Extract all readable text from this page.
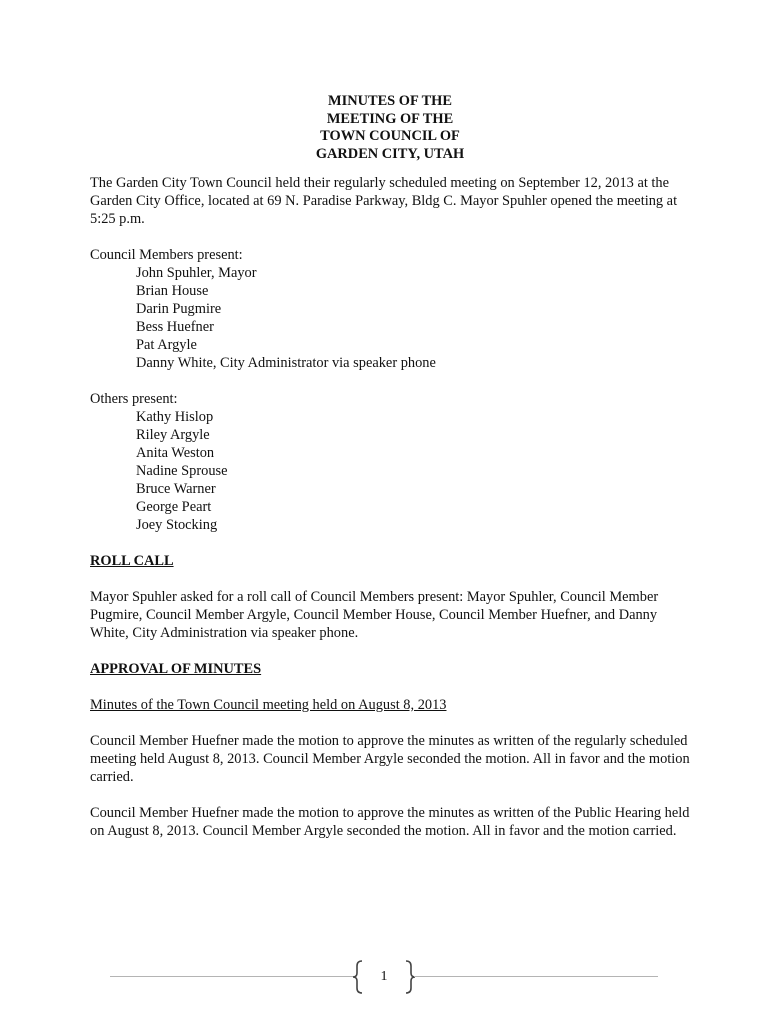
MINUTES OF THE
MEETING OF THE
TOWN COUNCIL OF
GARDEN CITY, UTAH

The Garden City Town Council held their regularly scheduled meeting on September 12, 2013 at the Garden City Office, located at 69 N. Paradise Parkway, Bldg C. Mayor Spuhler opened the meeting at 5:25 p.m.

Council Members present:

John Spuhler, Mayor
Brian House
Darin Pugmire
Bess Huefner
Pat Argyle
Danny White, City Administrator via speaker phone

Others present:

Kathy Hislop
Riley Argyle
Anita Weston
Nadine Sprouse
Bruce Warner
George Peart
Joey Stocking

ROLL CALL

Mayor Spuhler asked for a roll call of Council Members present: Mayor Spuhler, Council Member Pugmire, Council Member Argyle, Council Member House, Council Member Huefner, and Danny White, City Administration via speaker phone.

APPROVAL OF MINUTES

Minutes of the Town Council meeting held on August 8, 2013

Council Member Huefner made the motion to approve the minutes as written of the regularly scheduled meeting held August 8, 2013. Council Member Argyle seconded the motion. All in favor and the motion carried.

Council Member Huefner made the motion to approve the minutes as written of the Public Hearing held on August 8, 2013. Council Member Argyle seconded the motion. All in favor and the motion carried.

1
